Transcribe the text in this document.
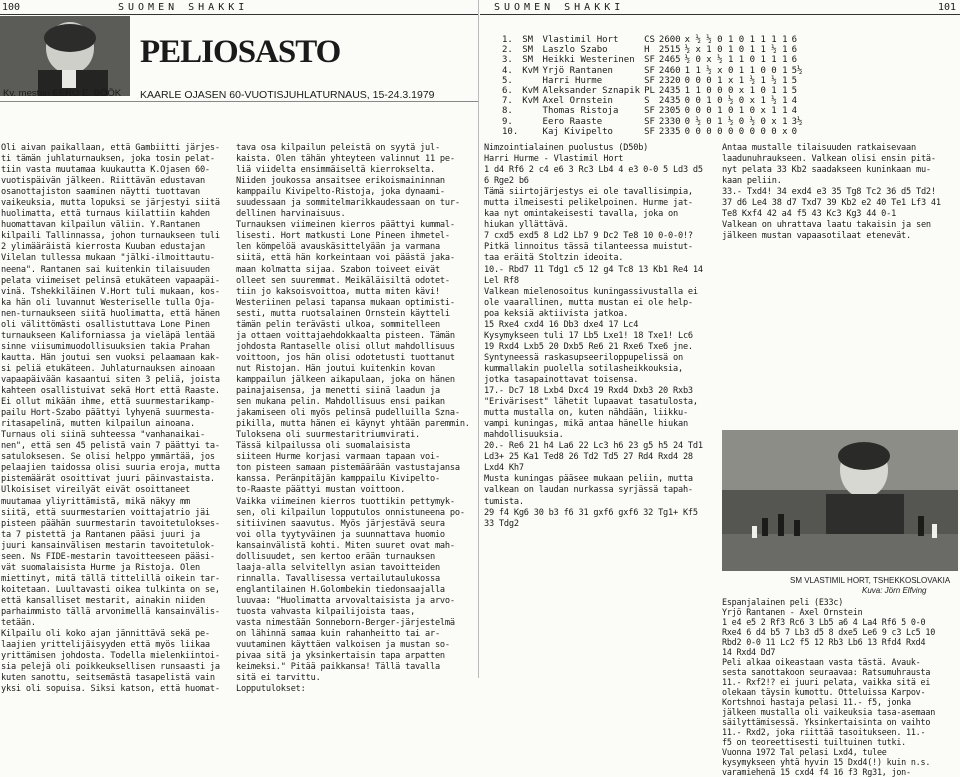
100	SUOMEN SHAKKI
Kv. mestari EERO E. BÖÖK
PELIOSASTO
KAARLE OJASEN 60-VUOTISJUHLATURNAUS, 15-24.3.1979
Oli aivan paikallaan, että Gambiitti järjes-
ti tämän juhlaturnauksen, joka tosin pelat-
tiin vasta muutamaa kuukautta K.Ojasen 60-
vuotispäivän jälkeen. Riittävän edustavan
osanottajiston saaminen näytti tuottavan
vaikeuksia, mutta lopuksi se järjestyi siitä
huolimatta, että turnaus kiilattiin kahden
huomattavan kilpailun väliin. Y.Rantanen
kilpaili Tallinnassa, johon turnaukseen tuli
2 ylimääräistä kierrosta Kuuban edustajan
Vilelan tullessa mukaan "jälki-ilmoittautu-
neena". Rantanen sai kuitenkin tilaisuuden
pelata viimeiset pelinsä etukäteen vapaapäi-
vinä. Tshekkiläinen V.Hort tuli mukaan, kos-
ka hän oli luvannut Westeriselle tulla Oja-
nen-turnaukseen siitä huolimatta, että hänen
oli välittömästi osallistuttava Lone Pinen
turnaukseen Kaliforniassa ja vieläpä lentää
sinne viisumimuodollisuuksien takia Prahan
kautta. Hän joutui sen vuoksi pelaamaan kak-
si peliä etukäteen. Juhlaturnauksen ainoaan
vapaapäivään kasaantui siten 3 peliä, joista
kahteen osallistuivat sekä Hort että Raaste.
Ei ollut mikään ihme, että suurmestarikamp-
pailu Hort-Szabo päättyi lyhyenä suurmesta-
ritasapelinä, mutten kilpailun ainoana.
Turnaus oli siinä suhteessa "vanhanaikai-
nen", että sen 45 pelistä vain 7 päättyi ta-
satuloksesen. Se olisi helppo ymmärtää, jos
pelaajien taidossa olisi suuria eroja, mutta
pistemäärät osoittivat juuri päinvastaista.
Ulkoisiset vireilyät eivät osoittaneet
muutamaa yliyrittämistä, mikä näkyy mm
siitä, että suurmestarien voittajatrio jäi
pisteen päähän suurmestarin tavoitetulokses-
ta 7 pistettä ja Rantanen pääsi juuri ja
juuri kansainvälisen mestarin tavoitetulok-
seen. Ns FIDE-mestarin tavoitteeseen pääsi-
vät suomalaisista Hurme ja Ristoja. Olen
miettinyt, mitä tällä tittelillä oikein tar-
koitetaan. Luultavasti oikea tulkinta on se,
että kansalliset mestarit, ainakin niiden
parhaimmisto tällä arvonimellä kansainvälis-
tetään.
Kilpailu oli koko ajan jännittävä sekä pe-
laajien yrittelijäisyyden että myös liikaa
yrittämisen johdosta. Todella mielenkiintoi-
sia pelejä oli poikkeuksellisen runsaasti ja
kuten sanottu, seitsemästä tasapelistä vain
yksi oli sopuisa. Siksi katson, että huomat-
tava osa kilpailun peleistä on syytä jul-
kaista. Olen tähän yhteyteen valinnut 11 pe-
liä viidelta ensimmäiseltä kierrokselta.
Niiden joukossa ansaitsee erikoismaininnan
kamppailu Kivipelto-Ristoja, joka dynaami-
suudessaan ja sommitelmarikkaudessaan on tur-
dellinen harvinaisuus.
Turnauksen viimeinen kierros päättyi kummal-
lisesti. Hort matkusti Lone Pineen ihmetel-
len kömpelöä avauskäsittelyään ja varmana
siitä, että hän korkeintaan voi päästä jaka-
maan kolmatta sijaa. Szabon toiveet eivät
olleet sen suuremmat. Meikäläisiltä odotet-
tiin jo kaksoisvoittoa, mutta miten kävi!
Westeriinen pelasi tapansa mukaan optimisti-
sesti, mutta ruotsalainen Ornstein käytteli
tämän pelin terävästi ulkoa, sommitelleen
ja ottaen voittajaehdokkaalta pisteen. Tämän
johdosta Rantaselle olisi ollut mahdollisuus
voittoon, jos hän olisi odotetusti tuottanut
nut Ristojan. Hän joutui kuitenkin kovan
kamppailun jälkeen aikapulaan, joka on hänen
painajaisensa, ja menetti siinä laadun ja
sen mukana pelin. Mahdollisuus ensi paikan
jakamiseen oli myös pelinsä pudelluilla Szna-
pikilla, mutta hänen ei käynyt yhtään paremmin.
Tuloksena oli suurmestaritriumvirati.
Tässä kilpailussa oli suomalaisista
siiteen Hurme korjasi varmaan tapaan voi-
ton pisteen samaan pistemäärään vastustajansa
kanssa. Peränpitäjän kamppailu Kivipelto-
to-Raaste päättyi mustan voittoon.
Vaikka viimeinen kierros tuottikin pettymyk-
sen, oli kilpailun lopputulos onnistuneena po-
sitiivinen saavutus. Myös järjestävä seura
voi olla tyytyväinen ja suunnattava huomio
kansainvälistä kohti. Miten suuret ovat mah-
dollisuudet, sen kertoo erään turnauksen
laaja-alla selvitellyn asian tavoitteiden
rinnalla. Tavallisessa vertailutaulukossa
englantilainen H.Golombekin tiedonsaajalla
luuvaa: "Huolimatta arvovaltaisista ja arvo-
tuosta vahvasta kilpailijoista taas,
vasta nimestään Sonneborn-Berger-järjestelmä
on lähinnä samaa kuin rahanheitto tai ar-
vuutaminen käyttäen valkoisen ja mustan so-
pivaa sitä ja yksinkertaisin tapa arpatten
keimeksi." Pitää paikkansa! Tällä tavalla
sitä ei tarvittu.
Lopputulokset:
SUOMEN SHAKKI	101
1.	SM	Vlastimil Hort	CS	2600	x ½ ½ 0 1 0 1 1 1 1	6
2.	SM	Laszlo Szabo	H	2515	½ x 1 0 1 0 1 1 ½ 1	6
3.	SM	Heikki Westerinen	SF	2465	½ 0 x ½ 1 1 0 1 1 1	6
4.	KvM	Yrjö Rantanen	SF	2460	1 1 ½ x 0 1 1 0 0 1	5½
5.		Harri Hurme	SF	2320	0 0 0 1 x 1 ½ 1 ½ 1	5
6.	KvM	Aleksander Sznapik	PL	2435	1 1 0 0 0 x 1 0 1 1	5
7.	KvM	Axel Ornstein	S	2435	0 0 1 0 ½ 0 x 1 ½ 1	4
8.		Thomas Ristoja	SF	2305	0 0 0 1 0 1 0 x 1 1	4
9.		Eero Raaste	SF	2330	0 ½ 0 1 ½ 0 ½ 0 x 1	3½
10.		Kaj Kivipelto	SF	2335	0 0 0 0 0 0 0 0 0 x	0
Nimzointialainen puolustus (D50b)
Harri Hurme - Vlastimil Hort
1 d4 Rf6 2 c4 e6 3 Rc3 Lb4 4 e3 0-0 5 Ld3 d5
6 Rge2 b6
Tämä siirtojärjestys ei ole tavallisimpia,
mutta ilmeisesti pelikelpoinen. Hurme jat-
kaa nyt omintakeisesti tavalla, joka on
hiukan yllättävä.
7 cxd5 exd5 8 Ld2 Lb7 9 Dc2 Te8 10 0-0-0!?
Pitkä linnoitus tässä tilanteessa muistut-
taa eräitä Stoltzin ideoita.
10.- Rbd7 11 Tdg1 c5 12 g4 Tc8 13 Kb1 Re4 14
Lel Rf8
Valkean mielenosoitus kuningassivustalla ei
ole vaarallinen, mutta mustan ei ole help-
poa keksiä aktiivista jatkoa.
15 Rxe4 cxd4 16 Db3 dxe4 17 Lc4
Kysymykseen tuli 17 Lb5 Lxe1! 18 Txe1! Lc6
19 Rxd4 Lxb5 20 Dxb5 Re6 21 Rxe6 Txe6 jne.
Syntyneessä raskasupseeriloppupelissä on
kummallakin puolella sotilasheikkouksia,
jotka tasapainottavat toisensa.
17.- Dc7 18 Lxb4 Dxc4 19 Rxd4 Dxb3 20 Rxb3
"Erivärisest" lähetit lupaavat tasatulosta,
mutta mustalla on, kuten nähdään, liikku-
vampi kuningas, mikä antaa hänelle hiukan
mahdollisuuksia.
20.- Re6 21 h4 La6 22 Lc3 h6 23 g5 h5 24 Td1
Ld3+ 25 Ka1 Ted8 26 Td2 Td5 27 Rd4 Rxd4 28
Lxd4 Kh7
Musta kuningas pääsee mukaan peliin, mutta
valkean on laudan nurkassa syrjässä tapah-
tumista.
29 f4 Kg6 30 b3 f6 31 gxf6 gxf6 32 Tg1+ Kf5
33 Tdg2
SM VLASTIMIL HORT, TSHEKKOSLOVAKIA
Kuva: Jörn Elfving
Antaa mustalle tilaisuuden ratkaisevaan
laadunuhraukseen. Valkean olisi ensin pitä-
nyt pelata 33 Kb2 saadakseen kuninkaan mu-
kaan peliin.
33.- Txd4! 34 exd4 e3 35 Tg8 Tc2 36 d5 Td2!
37 d6 Le4 38 d7 Txd7 39 Kb2 e2 40 Te1 Lf3 41
Te8 Kxf4 42 a4 f5 43 Kc3 Kg3 44 0-1
Valkean on uhrattava laatu takaisin ja sen
jälkeen mustan vapaasotilaat etenevät.
Espanjalainen peli (E33c)
Yrjö Rantanen - Axel Ornstein
1 e4 e5 2 Rf3 Rc6 3 Lb5 a6 4 La4 Rf6 5 0-0
Rxe4 6 d4 b5 7 Lb3 d5 8 dxe5 Le6 9 c3 Lc5 10
Rbd2 0-0 11 Lc2 f5 12 Rb3 Lb6 13 Rfd4 Rxd4
14 Rxd4 Dd7
Peli alkaa oikeastaan vasta tästä. Avauk-
sesta sanottakoon seuraavaa: Ratsumuhrausta
11.- Rxf2!? ei juuri pelata, vaikka sitä ei
olekaan täysin kumottu. Otteluissa Karpov-
Kortshnoi hastaja pelasi 11.- f5, jonka
jälkeen mustalla oli vaikeuksia tasa-asemaan
säilyttämisessä. Yksinkertaisinta on vaihto
11.- Rxd2, joka riittää tasoitukseen. 11.-
f5 on teoreettisesti tuiltuinen tutki.
Vuonna 1972 Tal pelasi Lxd4, tulee
kysymykseen yhtä hyvin 15 Dxd4(!) kuin n.s.
varamiehenä 15 cxd4 f4 16 f3 Rg31, jon-
